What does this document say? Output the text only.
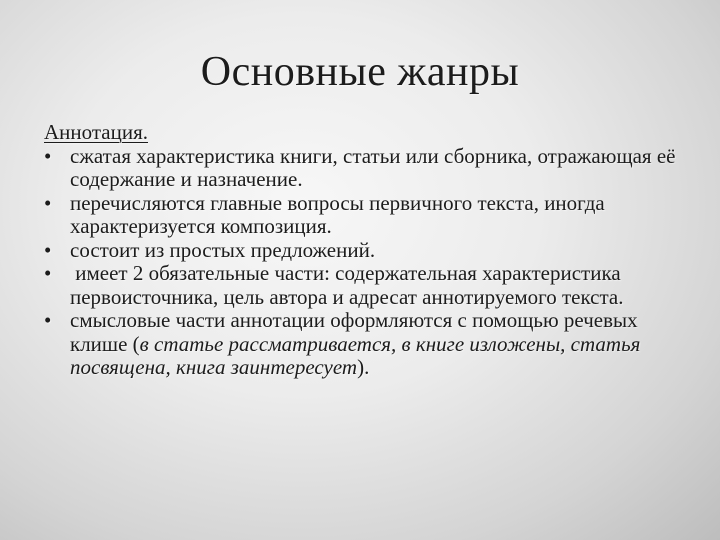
Основные жанры
Аннотация.
• сжатая характеристика книги, статьи или сборника, отражающая её содержание и назначение.
• перечисляются главные вопросы первичного текста, иногда характеризуется композиция.
• состоит из простых предложений.
• имеет 2 обязательные части: содержательная характеристика первоисточника, цель автора и адресат аннотируемого текста.
• смысловые части аннотации оформляются с помощью речевых клише (в статье рассматривается, в книге изложены, статья посвящена, книга заинтересует).
